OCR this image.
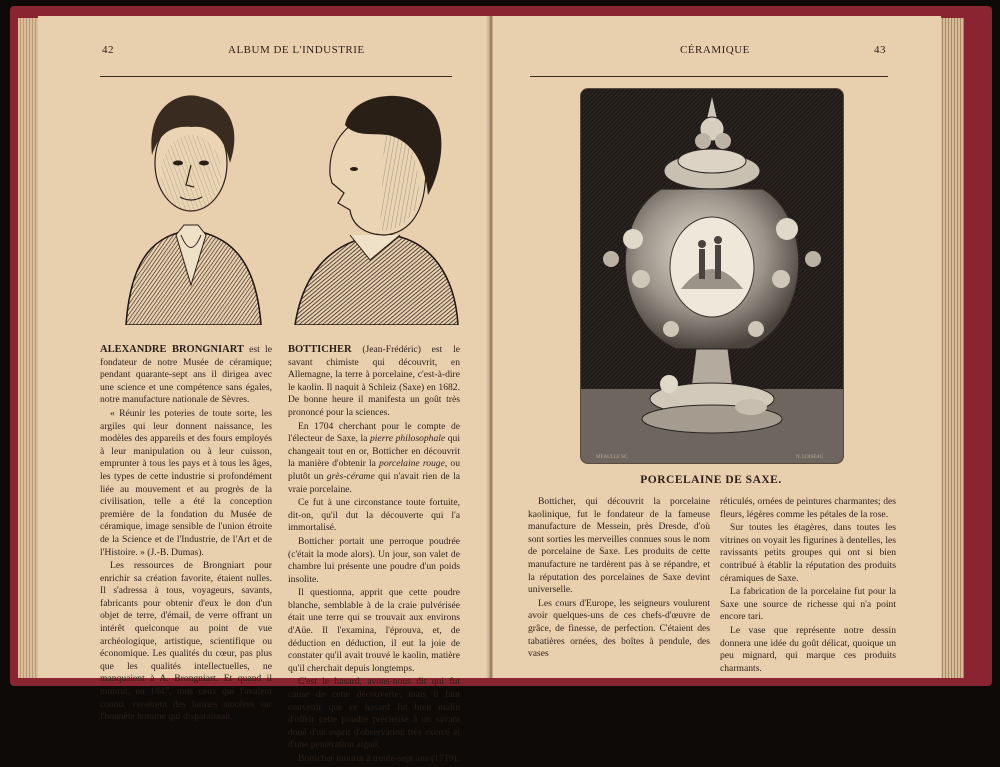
42	ALBUM DE L'INDUSTRIE

ALEXANDRE BRONGNIART est le fondateur de notre Musée de céramique; pendant quarante-sept ans il dirigea avec une science et une compétence sans égales, notre manufacture nationale de Sèvres.

« Réunir les poteries de toute sorte, les argiles qui leur donnent naissance, les modèles des appareils et des fours employés à leur manipulation ou à leur cuisson, emprunter à tous les pays et à tous les âges, les types de cette industrie si profondément liée au mouvement et au progrès de la civilisation, telle a été la conception première de la fondation du Musée de céramique, image sensible de l'union étroite de la Science et de l'Industrie, de l'Art et de l'Histoire. » (J.-B. Dumas).

Les ressources de Brongniart pour enrichir sa création favorite, étaient nulles. Il s'adressa à tous, voyageurs, savants, fabricants pour obtenir d'eux le don d'un objet de terre, d'émail, de verre offrant un intérêt quelconque au point de vue archéologique, artistique, scientifique ou économique. Les qualités du cœur, pas plus que les qualités intellectuelles, ne manquaient à A. Brongniart. Et quand il mourut, en 1847, tous ceux qui l'avaient connu, versèrent des larmes sincères sur l'honnête homme qui disparaissait.

BOTTICHER (Jean-Frédéric) est le savant chimiste qui découvrit, en Allemagne, la terre à porcelaine, c'est-à-dire le kaolin. Il naquit à Schleiz (Saxe) en 1682. De bonne heure il manifesta un goût très prononcé pour la sciences.

En 1704 cherchant pour le compte de l'électeur de Saxe, la pierre philosophale qui changeait tout en or, Botticher en découvrit la manière d'obtenir la porcelaine rouge, ou plutôt un grès-cérame qui n'avait rien de la vraie porcelaine.

Ce fut à une circonstance toute fortuite, dit-on, qu'il dut la découverte qui l'a immortalisé.

Botticher portait une perroque poudrée (c'était la mode alors). Un jour, son valet de chambre lui présente une poudre d'un poids insolite.

Il questionna, apprit que cette poudre blanche, semblable à de la craie pulvérisée était une terre qui se trouvait aux environs d'Aüe. Il l'examina, l'éprouva, et, de déduction en déduction, il eut la joie de constater qu'il avait trouvé le kaolin, matière qu'il cherchait depuis longtemps.

C'est le hasard, avons-nous dit qui fut cause de cette découverte; mais il faut convenir que ce hasard fut bien malin d'offrir cette poudre précieuse à un savant doué d'un esprit d'observation très exercé et d'une pénétration aiguë.

Botticher mourut à trente-sept ans (1719).

CÉRAMIQUE	43
MEAULLE SC.	N. LOISEAU
PORCELAINE DE SAXE.

Botticher, qui découvrit la porcelaine kaolinique, fut le fondateur de la fameuse manufacture de Messein, près Dresde, d'où sont sorties les merveilles connues sous le nom de porcelaine de Saxe. Les produits de cette manufacture ne tardèrent pas à se répandre, et la réputation des porcelaines de Saxe devint universelle.

Les cours d'Europe, les seigneurs voulurent avoir quelques-uns de ces chefs-d'œuvre de grâce, de finesse, de perfection. C'étaient des tabatières ornées, des boîtes à pendule, des vases

réticulés, ornées de peintures charmantes; des fleurs, légères comme les pétales de la rose.

Sur toutes les étagères, dans toutes les vitrines on voyait les figurines à dentelles, les ravissants petits groupes qui ont si bien contribué à établir la réputation des produits céramiques de Saxe.

La fabrication de la porcelaine fut pour la Saxe une source de richesse qui n'a point encore tari.

Le vase que représente notre dessin donnera une idée du goût délicat, quoique un peu mignard, qui marque ces produits charmants.
